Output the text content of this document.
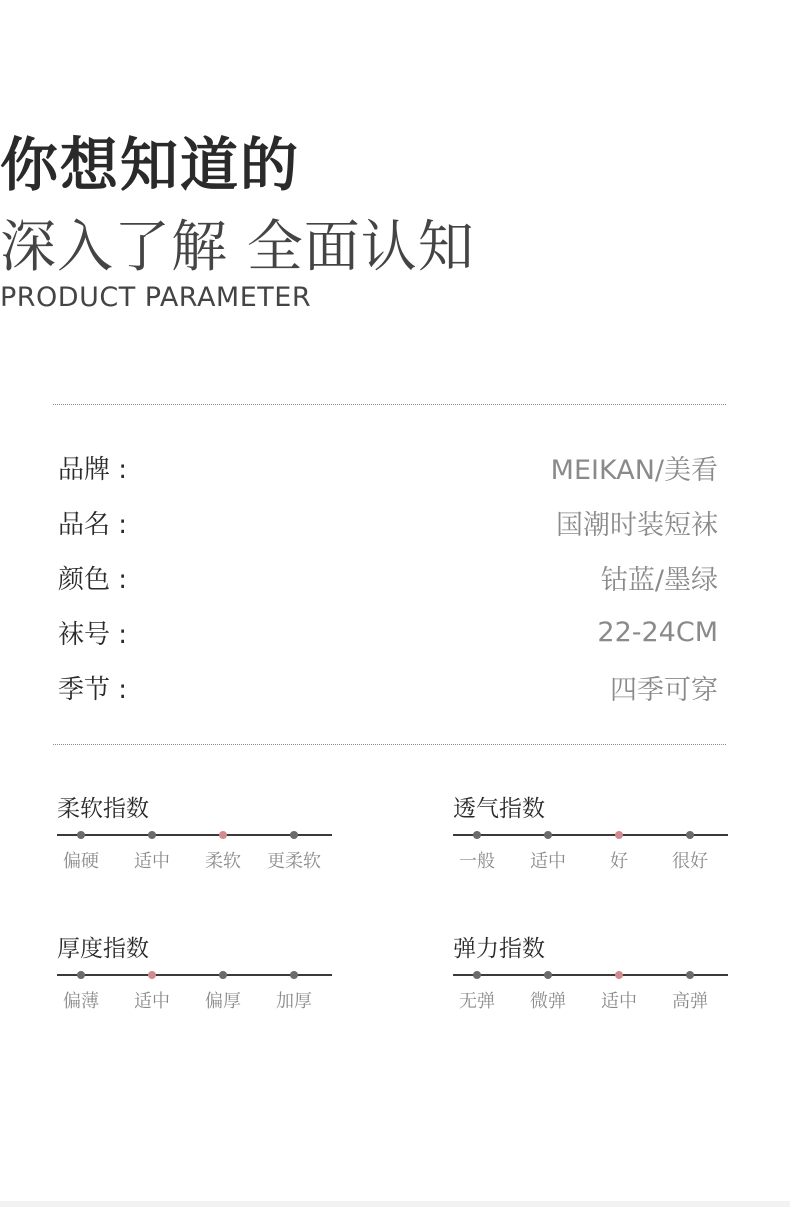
你想知道的
深入了解 全面认知
PRODUCT PARAMETER
品牌 :	MEIKAN/美看
品名 :	国潮时装短袜
颜色 :	钴蓝/墨绿
袜号 :	22-24CM
季节 :	四季可穿
柔软指数
偏硬 适中 柔软 更柔软
透气指数
一般 适中 好 很好
厚度指数
偏薄 适中 偏厚 加厚
弹力指数
无弹 微弹 适中 高弹
